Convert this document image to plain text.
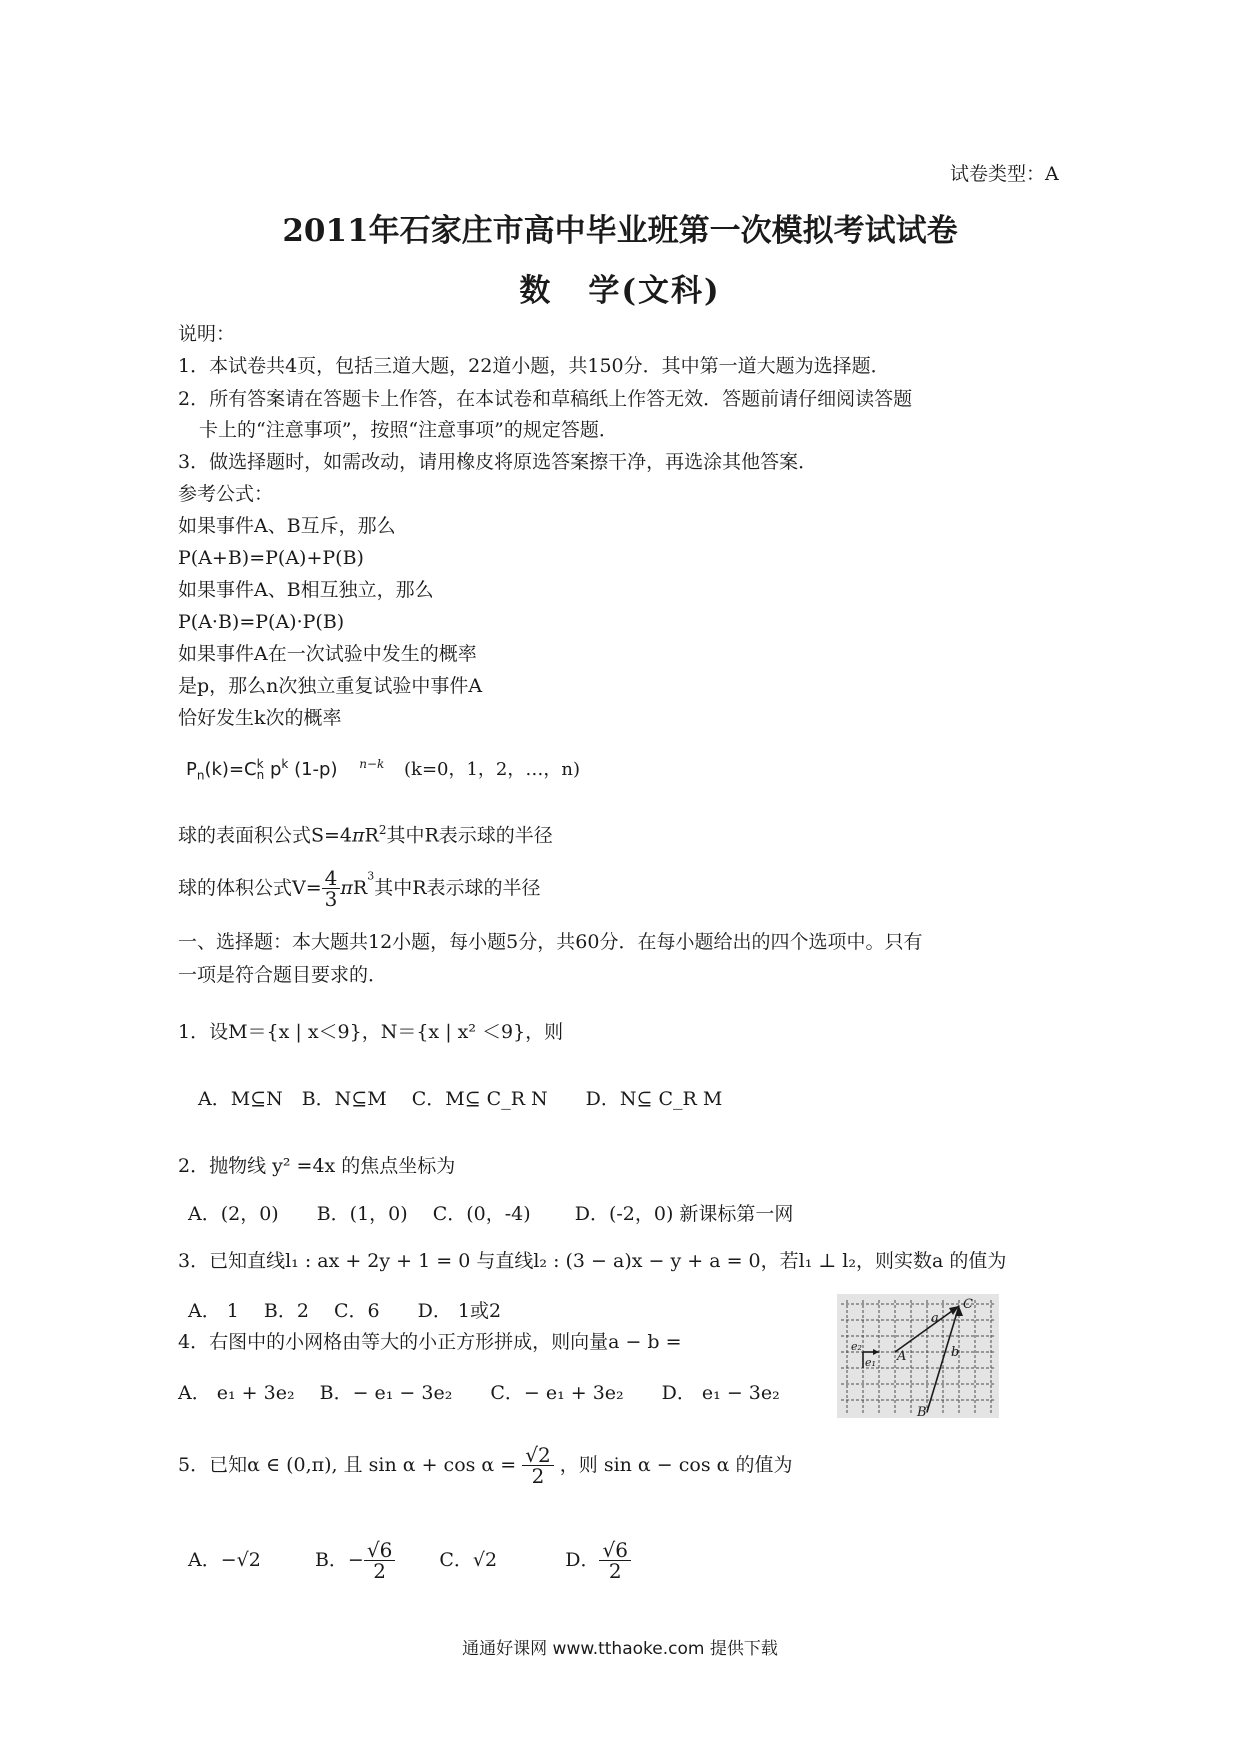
试卷类型：A
2011年石家庄市高中毕业班第一次模拟考试试卷
数 学(文科)
说明：
1．本试卷共4页，包括三道大题，22道小题，共150分．其中第一道大题为选择题．
2．所有答案请在答题卡上作答，在本试卷和草稿纸上作答无效．答题前请仔细阅读答题
卡上的“注意事项”，按照“注意事项”的规定答题．
3．做选择题时，如需改动，请用橡皮将原选答案擦干净，再选涂其他答案．
参考公式：
如果事件A、B互斥，那么
P(A+B)=P(A)+P(B)
如果事件A、B相互独立，那么
P(A·B)=P(A)·P(B)
如果事件A在一次试验中发生的概率
是p，那么n次独立重复试验中事件A
恰好发生k次的概率
$P_n(k)=C$ k
n $p^k$ (1-p) $^{n-k}$ (k=0，1，2，…，n)
球的表面积公式$S=4\pi R^2$其中R表示球的半径
球的体积公式$V= \frac{4}{3} \pi R^3$其中R表示球的半径
一、选择题：本大题共12小题，每小题5分，共60分．在每小题给出的四个选项中。只有
一项是符合题目要求的．
1．设M＝{x | x＜9}，N＝{x | x² ＜9}，则
A．M⊆N　B．N⊆M　 C．M⊆ C_R N　　D．N⊆ C_R M
2．抛物线 y² =4x 的焦点坐标为
A．(2，0)　　B．(1，0)　 C．(0，-4)　　 D．(-2，0) 新课标第一网
3．已知直线l₁ : ax + 2y + 1 = 0 与直线l₂ : (3 − a)x − y + a = 0，若l₁ ⊥ l₂，则实数a 的值为
A． 1　 B．2　 C．6　　D． 1或2
4．右图中的小网格由等大的小正方形拼成，则向量a − b =
A． e₁ + 3e₂　 B．− e₁ − 3e₂　　C．− e₁ + 3e₂　　D． e₁ − 3e₂
a
b
C
A
B
e₁
e₂
5．已知α ∈ (0,π), 且 $\sin \alpha + \cos \alpha = \frac{√2}{2}$ ，则 sin α − cos α 的值为
A．−√2	B．− $\frac{√6}{2}$ C．√2	D． $\frac{√6}{2}$
通通好课网 www.tthaoke.com 提供下载
